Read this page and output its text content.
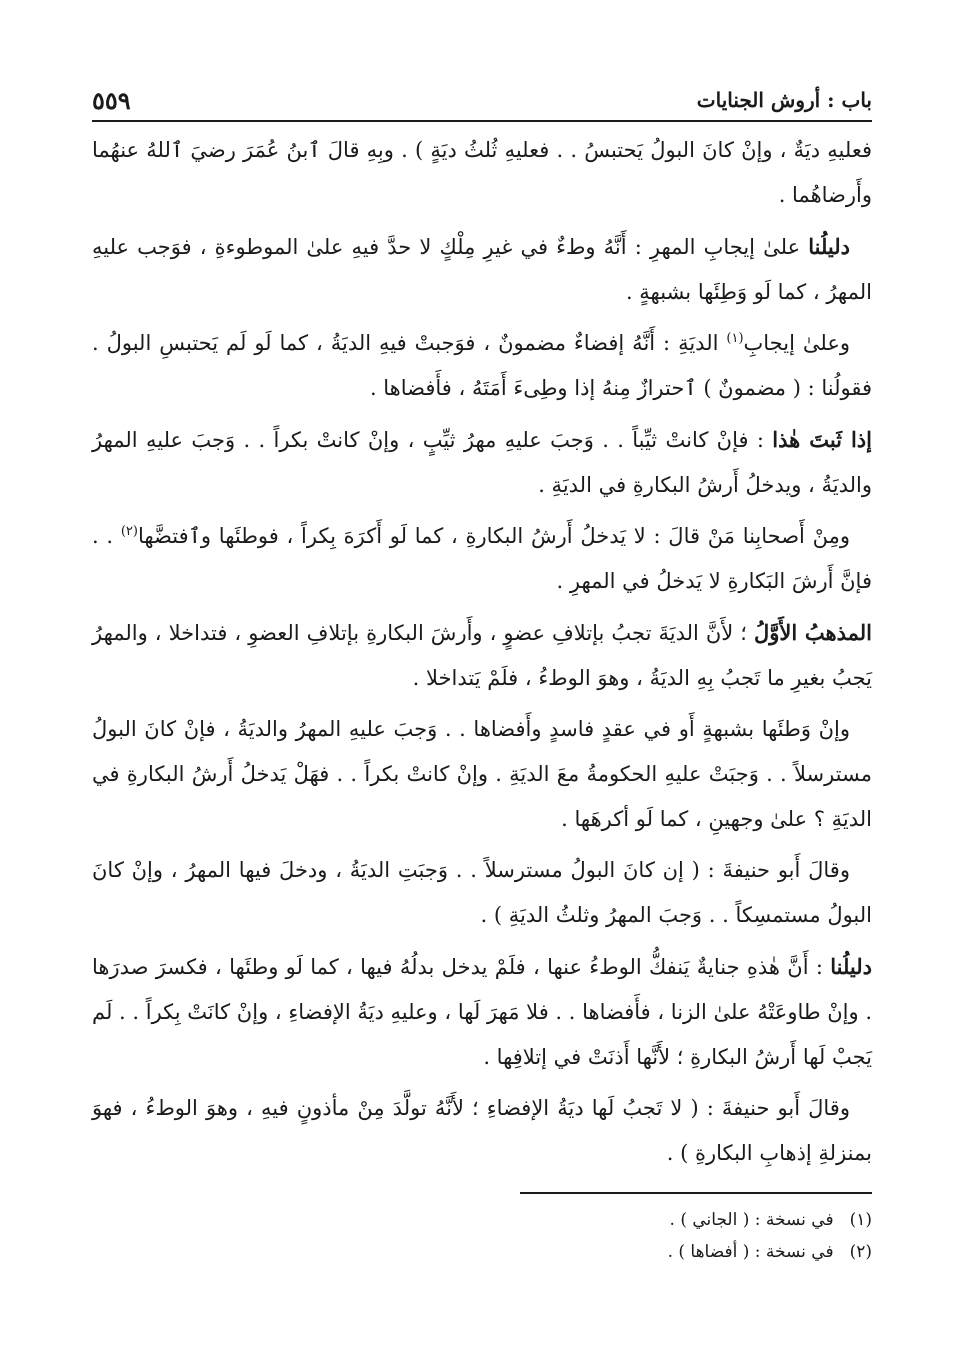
باب : أروش الجنايات
٥٥٩

فعليهِ ديَةٌ ، وإنْ كانَ البولُ يَحتبسُ . . فعليهِ ثُلثُ ديَةٍ ) . وبِهِ قالَ ٱبنُ عُمَرَ رضيَ ٱللهُ عنهُما وأَرضاهُما .

دليلُنا علىٰ إيجابِ المهرِ : أَنَّهُ وطءٌ في غيرِ مِلْكٍ لا حدَّ فيهِ علىٰ الموطوءةِ ، فوَجب عليهِ المهرُ ، كما لَو وَطِئَها بشبهةٍ .

وعلىٰ إيجابِ$^{(١)}$ الديَةِ : أَنَّهُ إفضاءٌ مضمونٌ ، فوَجبتْ فيهِ الديَةُ ، كما لَو لَم يَحتبسِ البولُ . فقولُنا : ( مضمونٌ ) ٱحترازٌ مِنهُ إذا وطِىءَ أَمَتَهُ ، فأَفضاها .

إذا ثَبتَ هٰذا : فإنْ كانتْ ثيِّباً . . وَجبَ عليهِ مهرُ ثيِّبٍ ، وإنْ كانتْ بكراً . . وَجبَ عليهِ المهرُ والديَةُ ، ويدخلُ أَرشُ البكارةِ في الديَةِ .

ومِنْ أَصحابِنا مَنْ قالَ : لا يَدخلُ أَرشُ البكارةِ ، كما لَو أَكرَهَ بِكراً ، فوطئَها وٱفتضَّها$^{(٢)}$ . . فإنَّ أَرشَ البَكارةِ لا يَدخلُ في المهرِ .

المذهبُ الأَوَّلُ ؛ لأَنَّ الديَةَ تجبُ بإتلافِ عضوٍ ، وأَرشَ البكارةِ بإتلافِ العضوِ ، فتداخلا ، والمهرُ يَجبُ بغيرِ ما تَجبُ بِهِ الديَةُ ، وهوَ الوطءُ ، فلَمْ يَتداخلا .

وإنْ وَطئَها بشبهةٍ أَو في عقدٍ فاسدٍ وأَفضاها . . وَجبَ عليهِ المهرُ والديَةُ ، فإنْ كانَ البولُ مسترسلاً . . وَجبَتْ عليهِ الحكومةُ معَ الديَةِ . وإنْ كانتْ بكراً . . فهَلْ يَدخلُ أَرشُ البكارةِ في الديَةِ ؟ علىٰ وجهينِ ، كما لَو أكرهَها .

وقالَ أَبو حنيفةَ : ( إن كانَ البولُ مسترسلاً . . وَجبَتِ الديَةُ ، ودخلَ فيها المهرُ ، وإنْ كانَ البولُ مستمسِكاً . . وَجبَ المهرُ وثلثُ الديَةِ ) .

دليلُنا : أَنَّ هٰذهِ جنايةٌ يَنفكُّ الوطءُ عنها ، فلَمْ يدخل بدلُهُ فيها ، كما لَو وطئَها ، فكسرَ صدرَها . وإنْ طاوعَتْهُ علىٰ الزنا ، فأَفضاها . . فلا مَهرَ لَها ، وعليهِ ديَةُ الإفضاءِ ، وإنْ كانَتْ بِكراً . . لَم يَجبْ لَها أَرشُ البكارةِ ؛ لأَنَّها أَذنَتْ في إتلافِها .

وقالَ أَبو حنيفةَ : ( لا تَجبُ لَها ديَةُ الإفضاءِ ؛ لأَنَّهُ تولَّدَ مِنْ مأذونٍ فيهِ ، وهوَ الوطءُ ، فهوَ بمنزلةِ إذهابِ البكارةِ ) .

(١)في نسخة : ( الجاني ) .

(٢)في نسخة : ( أفضاها ) .
